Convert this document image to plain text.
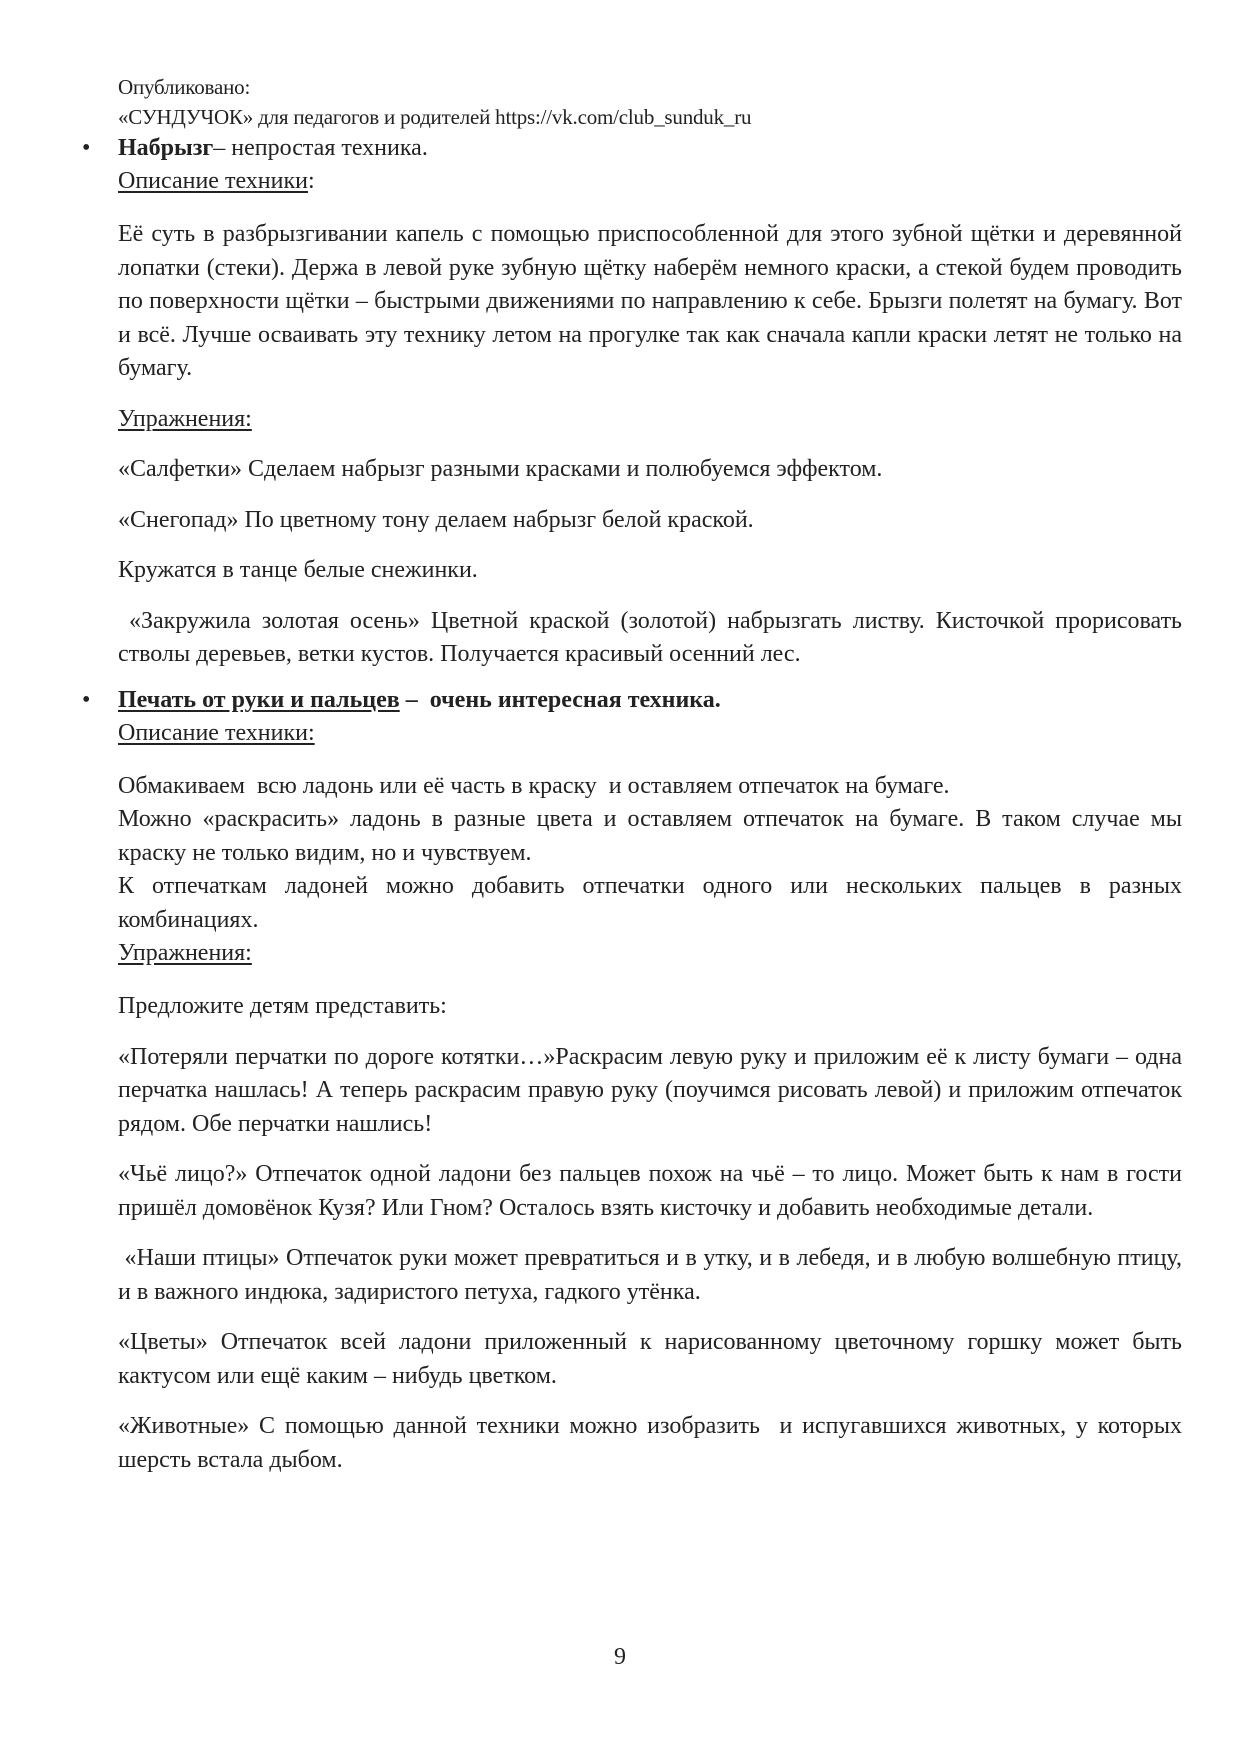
Опубликовано:
«СУНДУЧОК» для педагогов и родителей https://vk.com/club_sunduk_ru
• Набрызг– непростая техника.
Описание техники:

Её суть в разбрызгивании капель с помощью приспособленной для этого зубной щётки и деревянной лопатки (стеки). Держа в левой руке зубную щётку наберём немного краски, а стекой будем проводить по поверхности щётки – быстрыми движениями по направлению к себе. Брызги полетят на бумагу. Вот и всё. Лучше осваивать эту технику летом на прогулке так как сначала капли краски летят не только на бумагу.

Упражнения:

«Салфетки» Сделаем набрызг разными красками и полюбуемся эффектом.

«Снегопад» По цветному тону делаем набрызг белой краской.

Кружатся в танце белые снежинки.

«Закружила золотая осень» Цветной краской (золотой) набрызгать листву. Кисточкой прорисовать стволы деревьев, ветки кустов. Получается красивый осенний лес.

• Печать от руки и пальцев –  очень интересная техника.
Описание техники:

Обмакиваем  всю ладонь или её часть в краску  и оставляем отпечаток на бумаге.

Можно «раскрасить» ладонь в разные цвета и оставляем отпечаток на бумаге. В таком случае мы краску не только видим, но и чувствуем.

К отпечаткам ладоней можно добавить отпечатки одного или нескольких пальцев в разных комбинациях.

Упражнения:

Предложите детям представить:

«Потеряли перчатки по дороге котятки…»Раскрасим левую руку и приложим её к листу бумаги – одна перчатка нашлась! А теперь раскрасим правую руку (поучимся рисовать левой) и приложим отпечаток рядом. Обе перчатки нашлись!

«Чьё лицо?» Отпечаток одной ладони без пальцев похож на чьё – то лицо. Может быть к нам в гости пришёл домовёнок Кузя? Или Гном? Осталось взять кисточку и добавить необходимые детали.

«Наши птицы» Отпечаток руки может превратиться и в утку, и в лебедя, и в любую волшебную птицу, и в важного индюка, задиристого петуха, гадкого утёнка.

«Цветы» Отпечаток всей ладони приложенный к нарисованному цветочному горшку может быть кактусом или ещё каким – нибудь цветком.

«Животные» С помощью данной техники можно изобразить  и испугавшихся животных, у которых шерсть встала дыбом.

9
